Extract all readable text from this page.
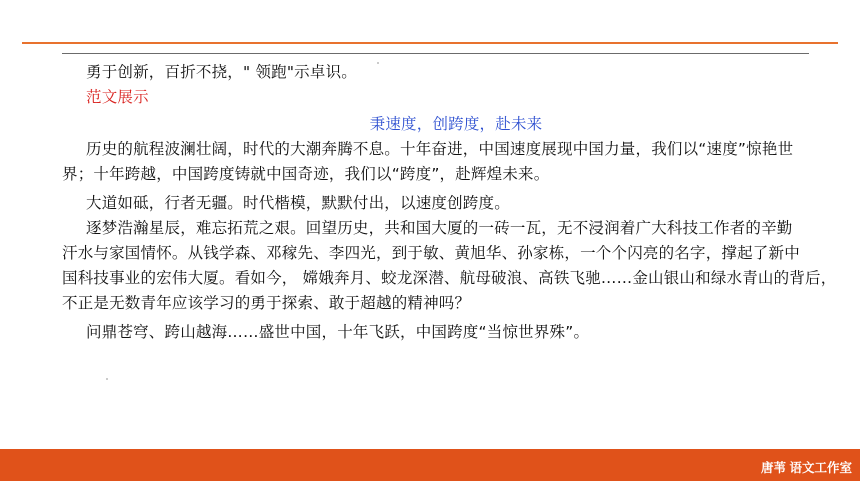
勇于创新，百折不挠，" 领跑"示卓识。
范文展示
秉速度，创跨度，赴未来
历史的航程波澜壮阔，时代的大潮奔腾不息。十年奋进，中国速度展现中国力量，我们以“速度”惊艳世
界；十年跨越，中国跨度铸就中国奇迹，我们以“跨度”，赴辉煌未来。
大道如砥，行者无疆。时代楷模，默默付出，以速度创跨度。
逐梦浩瀚星辰，难忘拓荒之艰。回望历史，共和国大厦的一砖一瓦，无不浸润着广大科技工作者的辛勤
汗水与家国情怀。从钱学森、邓稼先、李四光，到于敏、黄旭华、孙家栋，一个个闪亮的名字，撑起了新中
国科技事业的宏伟大厦。看如今， 嫦娥奔月、蛟龙深潜、航母破浪、高铁飞驰……金山银山和绿水青山的背后，
不正是无数青年应该学习的勇于探索、敢于超越的精神吗？
问鼎苍穹、跨山越海……盛世中国，十年飞跃，中国跨度“当惊世界殊”。
唐苇 语文工作室
